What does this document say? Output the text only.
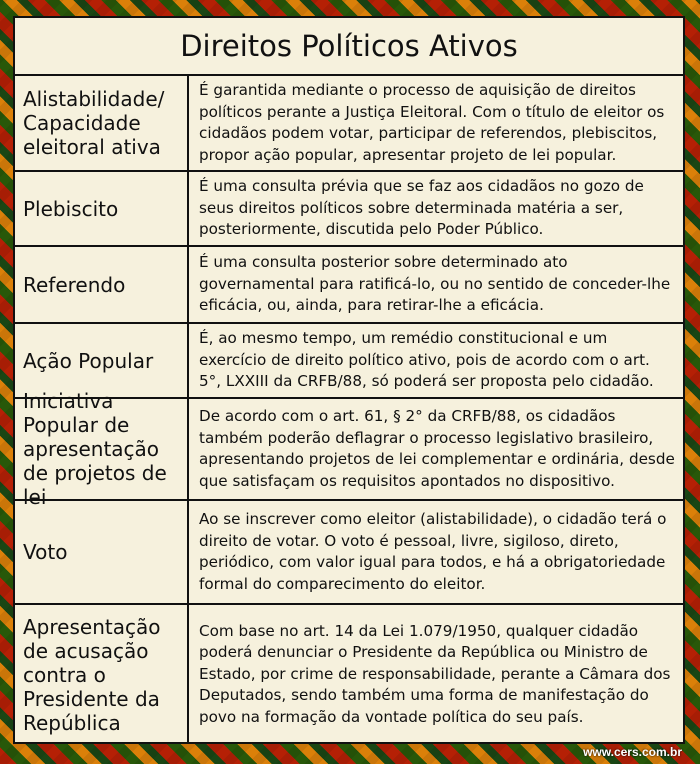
Direitos Políticos Ativos
Alistabilidade/ Capacidade eleitoral ativa
É garantida mediante o processo de aquisição de direitos políticos perante a Justiça Eleitoral. Com o título de eleitor os cidadãos podem votar, participar de referendos, plebiscitos, propor ação popular, apresentar projeto de lei popular.
Plebiscito
É uma consulta prévia que se faz aos cidadãos no gozo de seus direitos políticos sobre determinada matéria a ser, posteriormente, discutida pelo Poder Público.
Referendo
É uma consulta posterior sobre determinado ato governamental para ratificá-lo, ou no sentido de conceder-lhe eficácia, ou, ainda, para retirar-lhe a eficácia.
Ação Popular
É, ao mesmo tempo, um remédio constitucional e um exercício de direito político ativo, pois de acordo com o art. 5°, LXXIII da CRFB/88, só poderá ser proposta pelo cidadão.
Iniciativa Popular de apresentação de projetos de lei
De acordo com o art. 61, § 2° da CRFB/88, os cidadãos também poderão deflagrar o processo legislativo brasileiro, apresentando projetos de lei complementar e ordinária, desde que satisfaçam os requisitos apontados no dispositivo.
Voto
Ao se inscrever como eleitor (alistabilidade), o cidadão terá o direito de votar. O voto é pessoal, livre, sigiloso, direto, periódico, com valor igual para todos, e há a obrigatoriedade formal do comparecimento do eleitor.
Apresentação de acusação contra o Presidente da República
Com base no art. 14 da Lei 1.079/1950, qualquer cidadão poderá denunciar o Presidente da República ou Ministro de Estado, por crime de responsabilidade, perante a Câmara dos Deputados, sendo também uma forma de manifestação do povo na formação da vontade política do seu país.
www.cers.com.br
